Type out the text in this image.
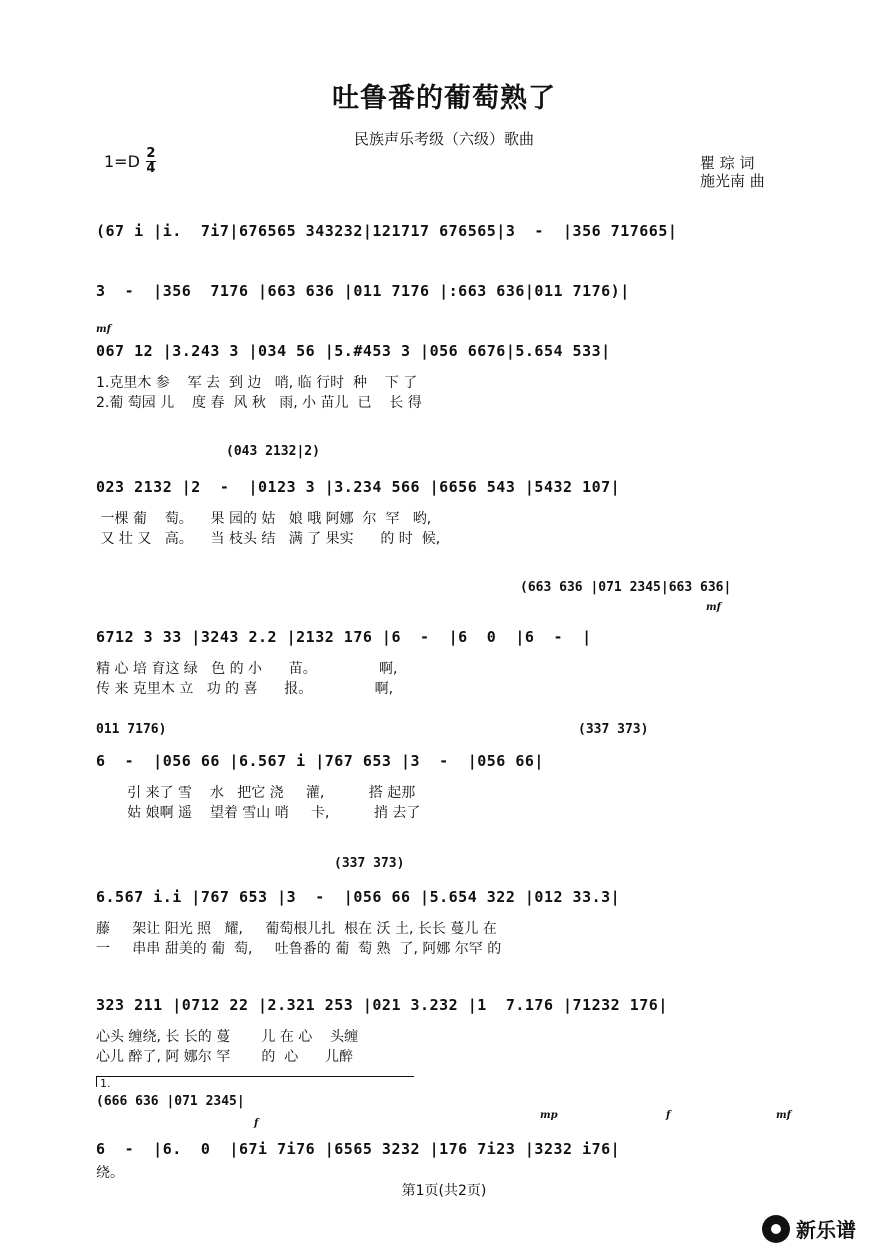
吐鲁番的葡萄熟了
民族声乐考级（六级）歌曲
1=D 2
4	瞿 琮 词
施光南 曲
(67 i |i.  7i7|676565 343232|121717 676565|3  -  |356 717665|
3  -  |356  7176 |663 636 |011 7176 |:663 636|011 7176)|
mf
067 12 |3.243 3 |034 56 |5.#453 3 |056 6676|5.654 533|
1.克里木 参    军 去  到 边   哨, 临 行时  种    下 了
2.葡 萄园 儿    度 春  风 秋   雨, 小 苗儿  已    长 得
(043 2132|2)
023 2132 |2  -  |0123 3 |3.234 566 |6656 543 |5432 107|
一棵 葡    萄。    果 园的 姑   娘 哦 阿娜  尔  罕   哟,
又 壮 又   高。    当 枝头 结   满 了 果实      的 时  候,
(663 636 |071 2345|663 636|
mf
6712 3 33 |3243 2.2 |2132 176 |6  -  |6  0  |6  -  |
精 心 培 育这 绿   色 的 小      苗。              啊,
传 来 克里木 立   功 的 喜      报。              啊,
011 7176)	(337 373)
6  -  |056 66 |6.567 i |767 653 |3  -  |056 66|
引 来了 雪    水   把它 浇     灌,          搭 起那
姑 娘啊 遥    望着 雪山 哨     卡,          捎 去了
(337 373)
6.567 i.i |767 653 |3  -  |056 66 |5.654 322 |012 33.3|
藤     架让 阳光 照   耀,     葡萄根儿扎  根在 沃 土, 长长 蔓儿 在
一     串串 甜美的 葡  萄,     吐鲁番的 葡  萄 熟  了, 阿娜 尔罕 的
323 211 |0712 22 |2.321 253 |021 3.232 |1  7.176 |71232 176|
心头 缠绕, 长 长的 蔓       儿 在 心    头缠
心儿 醉了, 阿 娜尔 罕       的  心      儿醉
1.
(666 636 |071 2345|
mp
f
f	mf
6  -  |6.  0  |67i 7i76 |6565 3232 |176 7i23 |3232 i76|
绕。
第1页(共2页)
新乐谱
